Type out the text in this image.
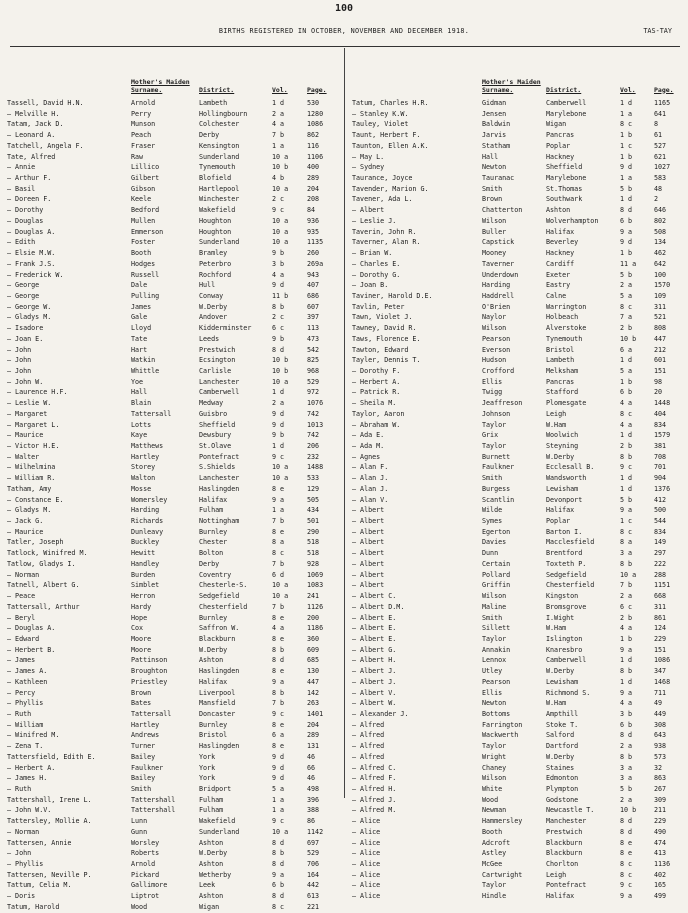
100
BIRTHS REGISTERED IN OCTOBER, NOVEMBER AND DECEMBER 1918.	TAS-TAY
Mother's Maiden Surname.	District.	Vol.	Page.
Tassell, David H.N.	Arnold	Lambeth	1 d	530
— Melville H.	Perry	Hollingbourn	2 a	1280
Tatam, Jack D.	Munson	Colchester	4 a	1086
— Leonard A.	Peach	Derby	7 b	862
Tatchell, Angela F.	Fraser	Kensington	1 a	116
Tate, Alfred	Raw	Sunderland	10 a	1106
— Annie	Lillico	Tynemouth	10 b	400
— Arthur F.	Gilbert	Blofield	4 b	289
— Basil	Gibson	Hartlepool	10 a	204
— Doreen F.	Keele	Winchester	2 c	208
— Dorothy	Bedford	Wakefield	9 c	84
— Douglas	Mullen	Houghton	10 a	936
— Douglas A.	Emmerson	Houghton	10 a	935
— Edith	Foster	Sunderland	10 a	1135
— Elsie M.W.	Booth	Bramley	9 b	260
— Frank J.S.	Hodges	Peterbro	3 b	269a
— Frederick W.	Russell	Rochford	4 a	943
— George	Dale	Hull	9 d	407
— George	Pulling	Conway	11 b	686
— George W.	James	W.Derby	8 b	607
— Gladys M.	Gale	Andover	2 c	397
— Isadore	Lloyd	Kidderminster	6 c	113
— Joan E.	Tate	Leeds	9 b	473
— John	Hart	Prestwich	8 d	542
— John	Watkin	Ecsington	10 b	825
— John	Whittle	Carlisle	10 b	968
— John W.	Yoe	Lanchester	10 a	529
— Laurence H.F.	Hall	Camberwell	1 d	972
— Leslie W.	Blain	Medway	2 a	1076
— Margaret	Tattersall	Guisbro	9 d	742
— Margaret L.	Lotts	Sheffield	9 d	1013
— Maurice	Kaye	Dewsbury	9 b	742
— Victor H.E.	Matthews	St.Olave	1 d	206
— Walter	Hartley	Pontefract	9 c	232
— Wilhelmina	Storey	S.Shields	10 a	1488
— William R.	Walton	Lanchester	10 a	533
Tatham, Amy	Mosse	Haslingden	8 e	129
— Constance E.	Womersley	Halifax	9 a	505
— Gladys M.	Harding	Fulham	1 a	434
— Jack G.	Richards	Nottingham	7 b	501
— Maurice	Dunleavy	Burnley	8 e	290
Tatler, Joseph	Buckley	Chester	8 a	518
Tatlock, Winifred M.	Hewitt	Bolton	8 c	518
Tatlow, Gladys I.	Handley	Derby	7 b	928
— Norman	Burden	Coventry	6 d	1069
Tatnell, Albert G.	Simblet	Chesterle-S.	10 a	1083
— Peace	Herron	Sedgefield	10 a	241
Tattersall, Arthur	Hardy	Chesterfield	7 b	1126
— Beryl	Hope	Burnley	8 e	200
— Douglas A.	Cox	Saffron W.	4 a	1186
— Edward	Moore	Blackburn	8 e	360
— Herbert B.	Moore	W.Derby	8 b	609
— James	Pattinson	Ashton	8 d	685
— James A.	Broughton	Haslingden	8 e	130
— Kathleen	Priestley	Halifax	9 a	447
— Percy	Brown	Liverpool	8 b	142
— Phyllis	Bates	Mansfield	7 b	263
— Ruth	Tattersall	Doncaster	9 c	1401
— William	Hartley	Burnley	8 e	204
— Winifred M.	Andrews	Bristol	6 a	289
— Zena T.	Turner	Haslingden	8 e	131
Tattersfield, Edith E.	Bailey	York	9 d	46
— Herbert A.	Faulkner	York	9 d	66
— James H.	Bailey	York	9 d	46
— Ruth	Smith	Bridport	5 a	498
Tattershall, Irene L.	Tattershall	Fulham	1 a	396
— John W.V.	Tattershall	Fulham	1 a	388
Tattersley, Mollie A.	Lunn	Wakefield	9 c	86
— Norman	Gunn	Sunderland	10 a	1142
Tattersen, Annie	Worsley	Ashton	8 d	697
— John	Roberts	W.Derby	8 b	529
— Phyllis	Arnold	Ashton	8 d	706
Tattersen, Neville P.	Pickard	Wetherby	9 a	164
Tattum, Celia M.	Gallimore	Leek	6 b	442
— Doris	Liptrot	Ashton	8 d	613
Tatum, Harold	Wood	Wigan	8 c	221
Mother's Maiden Surname.	District.	Vol.	Page.
Tatum, Charles H.R.	Gidman	Camberwell	1 d	1165
— Stanley K.W.	Jensen	Marylebone	1 a	641
Tauley, Violet	Baldwin	Wigan	8 c	8
Taunt, Herbert F.	Jarvis	Pancras	1 b	61
Taunton, Ellen A.K.	Statham	Poplar	1 c	527
— May L.	Hall	Hackney	1 b	621
— Sydney	Newton	Sheffield	9 d	1027
Taurance, Joyce	Tauranac	Marylebone	1 a	583
Tavender, Marion G.	Smith	St.Thomas	5 b	48
Tavener, Ada L.	Brown	Southwark	1 d	2
— Albert	Chatterton	Ashton	8 d	646
— Leslie J.	Wilson	Wolverhampton	6 b	802
Taverin, John R.	Buller	Halifax	9 a	508
Taverner, Alan R.	Capstick	Beverley	9 d	134
— Brian W.	Mooney	Hackney	1 b	462
— Charles E.	Taverner	Cardiff	11 a	642
— Dorothy G.	Underdown	Exeter	5 b	100
— Joan B.	Harding	Eastry	2 a	1570
Taviner, Harold D.E.	Haddrell	Calne	5 a	109
Tavlin, Peter	O'Brien	Warrington	8 c	311
Tawn, Violet J.	Naylor	Holbeach	7 a	521
Tawney, David R.	Wilson	Alverstoke	2 b	808
Taws, Florence E.	Pearson	Tynemouth	10 b	447
Tawton, Edward	Everson	Bristol	6 a	212
Tayler, Dennis T.	Hudson	Lambeth	1 d	601
— Dorothy F.	Crofford	Melksham	5 a	151
— Herbert A.	Ellis	Pancras	1 b	98
— Patrick R.	Twigg	Stafford	6 b	20
— Sheila M.	Jeaffreson	Plomesgate	4 a	1448
Taylor, Aaron	Johnson	Leigh	8 c	404
— Abraham W.	Taylor	W.Ham	4 a	834
— Ada E.	Grix	Woolwich	1 d	1579
— Ada M.	Taylor	Steyning	2 b	381
— Agnes	Burnett	W.Derby	8 b	708
— Alan F.	Faulkner	Ecclesall B.	9 c	701
— Alan J.	Smith	Wandsworth	1 d	904
— Alan J.	Burgess	Lewisham	1 d	1376
— Alan V.	Scantlin	Devonport	5 b	412
— Albert	Wilde	Halifax	9 a	500
— Albert	Symes	Poplar	1 c	544
— Albert	Egerton	Barton I.	8 c	834
— Albert	Davies	Macclesfield	8 a	149
— Albert	Dunn	Brentford	3 a	297
— Albert	Certain	Toxteth P.	8 b	222
— Albert	Pollard	Sedgefield	10 a	288
— Albert	Griffin	Chesterfield	7 b	1151
— Albert C.	Wilson	Kingston	2 a	668
— Albert D.M.	Maline	Bromsgrove	6 c	311
— Albert E.	Smith	I.Wight	2 b	861
— Albert E.	Sillett	W.Ham	4 a	124
— Albert E.	Taylor	Islington	1 b	229
— Albert G.	Annakin	Knaresbro	9 a	151
— Albert H.	Lennox	Camberwell	1 d	1086
— Albert J.	Utley	W.Derby	8 b	347
— Albert J.	Pearson	Lewisham	1 d	1468
— Albert V.	Ellis	Richmond S.	9 a	711
— Albert W.	Newton	W.Ham	4 a	49
— Alexander J.	Bottoms	Ampthill	3 b	449
— Alfred	Farrington	Stoke T.	6 b	308
— Alfred	Wackwerth	Salford	8 d	643
— Alfred	Taylor	Dartford	2 a	938
— Alfred	Wright	W.Derby	8 b	573
— Alfred C.	Chaney	Staines	3 a	32
— Alfred F.	Wilson	Edmonton	3 a	863
— Alfred H.	White	Plympton	5 b	267
— Alfred J.	Wood	Godstone	2 a	309
— Alfred M.	Newman	Newcastle T.	10 b	211
— Alice	Hammersley	Manchester	8 d	229
— Alice	Booth	Prestwich	8 d	490
— Alice	Adcroft	Blackburn	8 e	474
— Alice	Astley	Blackburn	8 e	413
— Alice	McGee	Chorlton	8 c	1136
— Alice	Cartwright	Leigh	8 c	402
— Alice	Taylor	Pontefract	9 c	165
— Alice	Hindle	Halifax	9 a	499
